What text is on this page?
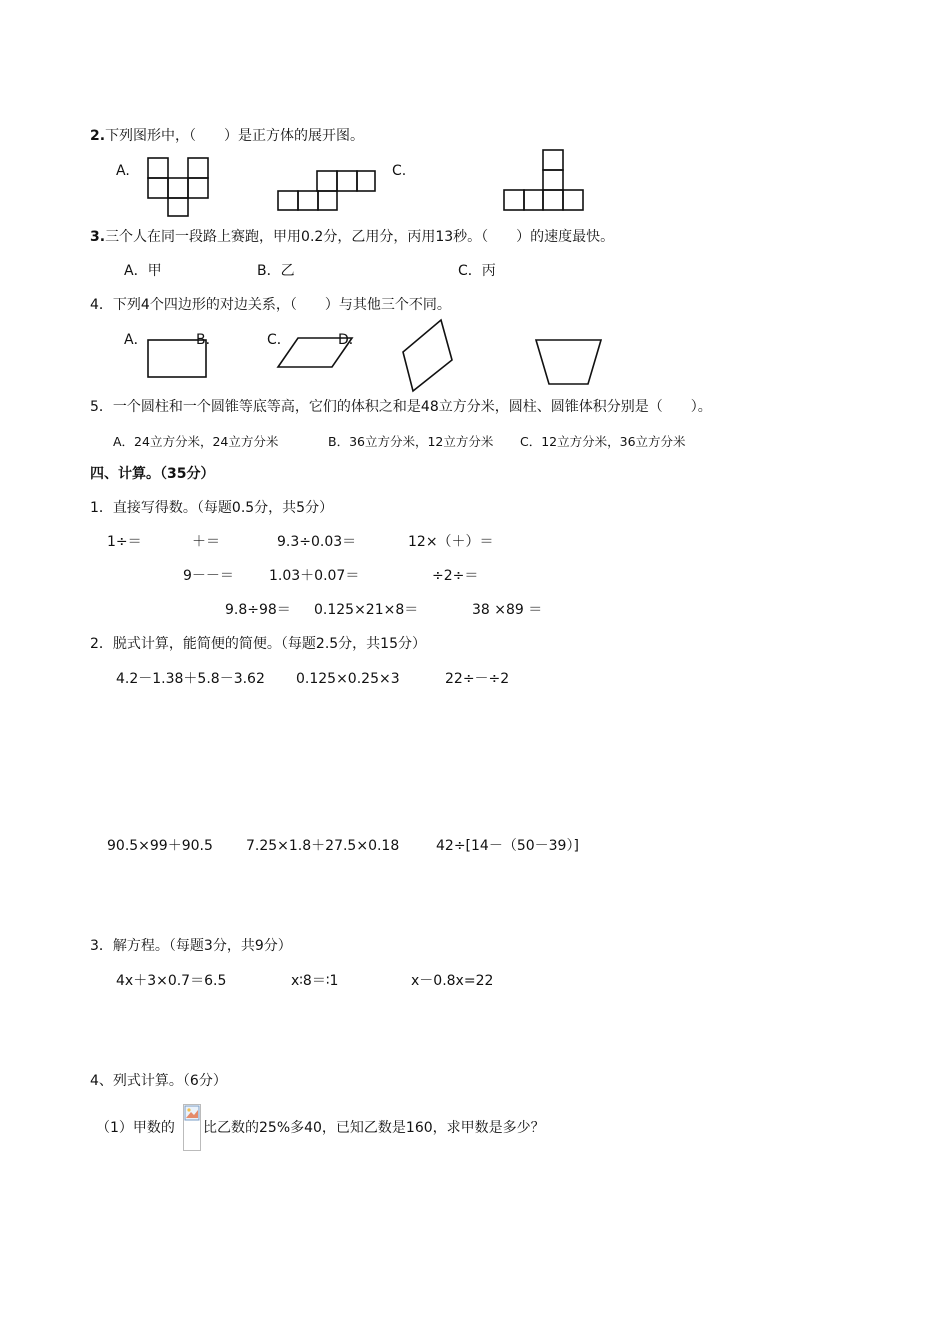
2.下列图形中，（　　）是正方体的展开图。
A.	C.
3.三个人在同一段路上赛跑，甲用0.2分，乙用分，丙用13秒。（　　）的速度最快。
A．甲	B．乙	C．丙
4．下列4个四边形的对边关系，（　　）与其他三个不同。
A．	B．	C．	D．
5．一个圆柱和一个圆锥等底等高，它们的体积之和是48立方分米，圆柱、圆锥体积分别是（　　）。
A．24立方分米，24立方分米	B．36立方分米，12立方分米 C．12立方分米，36立方分米
四、计算。（35分）
1．直接写得数。（每题0.5分，共5分）
1÷＝	＋＝	9.3÷0.03＝	12×（＋）＝
9－－＝	1.03＋0.07＝	÷2÷＝
9.8÷98＝ 0.125×21×8＝	38 ×89 ＝
2．脱式计算，能简便的简便。（每题2.5分，共15分）
4.2－1.38＋5.8－3.62 0.125×0.25×3	22÷－÷2
90.5×99＋90.5 7.25×1.8＋27.5×0.18	42÷[14－（50－39）]
3．解方程。（每题3分，共9分）
4x＋3×0.7＝6.5	x∶8＝∶1	x－0.8x=22
4、列式计算。（6分）
（1）甲数的 比乙数的25%多40，已知乙数是160，求甲数是多少？
